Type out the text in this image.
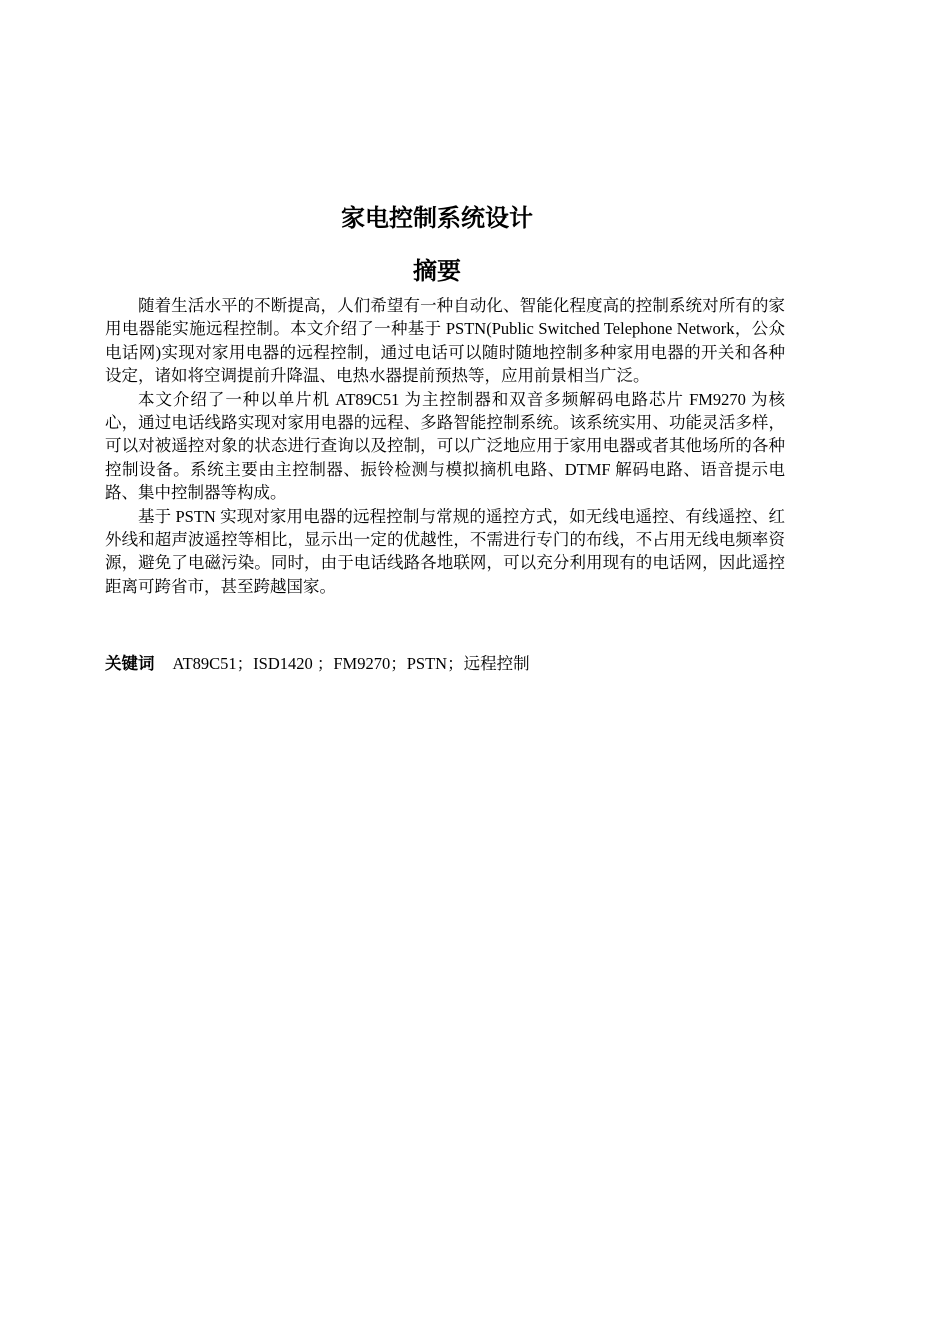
家电控制系统设计
摘要

随着生活水平的不断提高，人们希望有一种自动化、智能化程度高的控制系统对所有的家用电器能实施远程控制。本文介绍了一种基于 PSTN(Public Switched Telephone Network，公众电话网)实现对家用电器的远程控制，通过电话可以随时随地控制多种家用电器的开关和各种设定，诸如将空调提前升降温、电热水器提前预热等，应用前景相当广泛。

本文介绍了一种以单片机 AT89C51 为主控制器和双音多频解码电路芯片 FM9270 为核心，通过电话线路实现对家用电器的远程、多路智能控制系统。该系统实用、功能灵活多样，可以对被遥控对象的状态进行查询以及控制，可以广泛地应用于家用电器或者其他场所的各种控制设备。系统主要由主控制器、振铃检测与模拟摘机电路、DTMF 解码电路、语音提示电路、集中控制器等构成。

基于 PSTN 实现对家用电器的远程控制与常规的遥控方式，如无线电遥控、有线遥控、红外线和超声波遥控等相比，显示出一定的优越性，不需进行专门的布线，不占用无线电频率资源，避免了电磁污染。同时，由于电话线路各地联网，可以充分利用现有的电话网，因此遥控距离可跨省市，甚至跨越国家。

关键词 AT89C51；ISD1420 ；FM9270；PSTN；远程控制
